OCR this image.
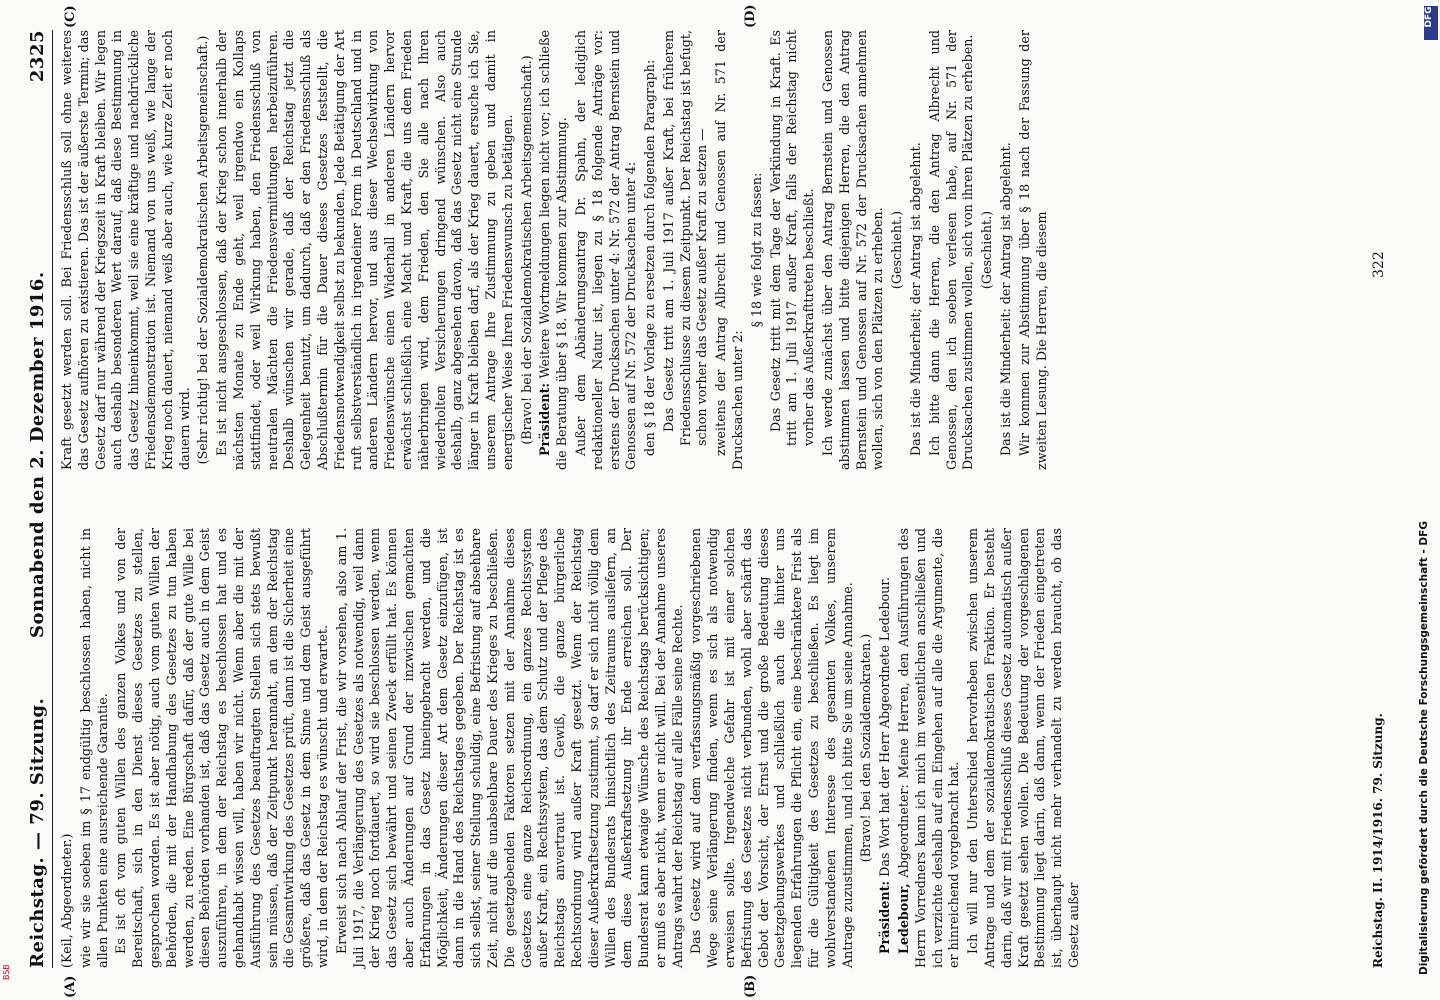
Reichstag. — 79. Sitzung.
Sonnabend den 2. Dezember 1916.
2325
(A)	(B)
(C)	(D)

(Keil, Abgeordneter.) wie wir sie soeben im § 17 endgültig beschlossen haben, nicht in allen Punkten eine ausreichende Garantie. Es ist oft vom guten Willen des ganzen Volkes und von der Bereitschaft, sich in den Dienst dieses Gesetzes zu stellen, gesprochen worden. Es ist aber nötig, auch vom guten Willen der Behörden, die mit der Handhabung des Gesetzes zu tun haben werden, zu reden. Eine Bürgschaft dafür, daß der gute Wille bei diesen Behörden vorhanden ist, daß das Gesetz auch in dem Geist auszuführen, in dem der Reichstag es beschlossen hat und es gehandhabt wissen will, haben wir nicht. Wenn aber die mit der Ausführung des Gesetzes beauftragten Stellen sich stets bewußt sein müssen, daß der Zeitpunkt herannaht, an dem der Reichstag die Gesamtwirkung des Gesetzes prüft, dann ist die Sicherheit eine größere, daß das Gesetz in dem Sinne und dem Geist ausgeführt wird, in dem der Reichstag es wünscht und erwartet. Erweist sich nach Ablauf der Frist, die wir vorsehen, also am 1. Juli 1917, die Verlängerung des Gesetzes als notwendig, weil dann der Krieg noch fortdauert, so wird sie beschlossen werden, wenn das Gesetz sich bewährt und seinen Zweck erfüllt hat. Es können aber auch Änderungen auf Grund der inzwischen gemachten Erfahrungen in das Gesetz hineingebracht werden, und die Möglichkeit, Änderungen dieser Art dem Gesetz einzufügen, ist dann in die Hand des Reichstages gegeben. Der Reichstag ist es sich selbst, seiner Stellung schuldig, eine Befristung auf absehbare Zeit, nicht auf die unabsehbare Dauer des Krieges zu beschließen. Die gesetzgebenden Faktoren setzen mit der Annahme dieses Gesetzes eine ganze Reichsordnung, ein ganzes Rechtssystem außer Kraft, ein Rechtssystem, das dem Schutz und der Pflege des Reichstags anvertraut ist. Gewiß, die ganze bürgerliche Rechtsordnung wird außer Kraft gesetzt. Wenn der Reichstag dieser Außerkraftsetzung zustimmt, so darf er sich nicht völlig dem Willen des Bundesrats hinsichtlich des Zeitraums ausliefern, an dem diese Außerkraftsetzung ihr Ende erreichen soll. Der Bundesrat kann etwaige Wünsche des Reichstags berücksichtigen; er muß es aber nicht, wenn er nicht will. Bei der Annahme unseres Antrags wahrt der Reichstag auf alle Fälle seine Rechte. Das Gesetz wird auf dem verfassungsmäßig vorgeschriebenen Wege seine Verlängerung finden, wenn es sich als notwendig erweisen sollte. Irgendwelche Gefahr ist mit einer solchen Befristung des Gesetzes nicht verbunden, wohl aber schärft das Gebot der Vorsicht, der Ernst und die große Bedeutung dieses Gesetzgebungswerkes und schließlich auch die hinter uns liegenden Erfahrungen die Pflicht ein, eine beschränktere Frist als für die Gültigkeit des Gesetzes zu beschließen. Es liegt im wohlverstandenen Interesse des gesamten Volkes, unserem Antrage zuzustimmen, und ich bitte Sie um seine Annahme. (Bravo! bei den Sozialdemokraten.)

Präsident: Das Wort hat der Herr Abgeordnete Ledebour.

Ledebour, Abgeordneter: Meine Herren, den Ausführungen des Herrn Vorredners kann ich mich im wesentlichen anschließen und ich verzichte deshalb auf ein Eingehen auf alle die Argumente, die er hinreichend vorgebracht hat. Ich will nur den Unterschied hervorheben zwischen unserem Antrage und dem der sozialdemokratischen Fraktion. Er besteht darin, daß wir mit Friedensschluß dieses Gesetz automatisch außer Kraft gesetzt sehen wollen. Die Bedeutung der vorgeschlagenen Bestimmung liegt darin, daß dann, wenn der Frieden eingetreten ist, überhaupt nicht mehr verhandelt zu werden braucht, ob das Gesetz außer

Kraft gesetzt werden soll. Bei Friedensschluß soll ohne weiteres das Gesetz aufhören zu existieren. Das ist der äußerste Termin; das Gesetz darf nur während der Kriegszeit in Kraft bleiben. Wir legen auch deshalb besonderen Wert darauf, daß diese Bestimmung in das Gesetz hineinkommt, weil sie eine kräftige und nachdrückliche Friedensdemonstration ist. Niemand von uns weiß, wie lange der Krieg noch dauert, niemand weiß aber auch, wie kurze Zeit er noch dauern wird. (Sehr richtig! bei der Sozialdemokratischen Arbeitsgemeinschaft.) Es ist nicht ausgeschlossen, daß der Krieg schon innerhalb der nächsten Monate zu Ende geht, weil irgendwo ein Kollaps stattfindet, oder weil Wirkung haben, den Friedensschluß von neutralen Mächten die Friedensvermittlungen herbeizuführen. Deshalb wünschen wir gerade, daß der Reichstag jetzt die Gelegenheit benutzt, um dadurch, daß er den Friedensschluß als Abschlußtermin für die Dauer dieses Gesetzes feststellt, die Friedensnotwendigkeit selbst zu bekunden. Jede Betätigung der Art ruft selbstverständlich in irgendeiner Form in Deutschland und in anderen Ländern hervor, und aus dieser Wechselwirkung von Friedenswünsche einen Widerhall in anderen Ländern hervor erwächst schließlich eine Macht und Kraft, die uns dem Frieden näherbringen wird, dem Frieden, den Sie alle nach Ihren wiederholten Versicherungen dringend wünschen. Also auch deshalb, ganz abgesehen davon, daß das Gesetz nicht eine Stunde länger in Kraft bleiben darf, als der Krieg dauert, ersuche ich Sie, unserem Antrage Ihre Zustimmung zu geben und damit in energischer Weise Ihren Friedenswunsch zu betätigen. (Bravo! bei der Sozialdemokratischen Arbeitsgemeinschaft.) Präsident: Weitere Wortmeldungen liegen nicht vor; ich schließe die Beratung über § 18. Wir kommen zur Abstimmung. Außer dem Abänderungsantrag Dr. Spahn, der lediglich redaktioneller Natur ist, liegen zu § 18 folgende Anträge vor: erstens der Drucksachen unter 4: Nr. 572 der Antrag Bernstein und Genossen auf Nr. 572 der Drucksachen unter 4: den § 18 der Vorlage zu ersetzen durch folgenden Paragraph: Das Gesetz tritt am 1. Juli 1917 außer Kraft, bei früherem Friedensschlusse zu diesem Zeitpunkt. Der Reichstag ist befugt, schon vorher das Gesetz außer Kraft zu setzen — zweitens der Antrag Albrecht und Genossen auf Nr. 571 der Drucksachen unter 2:

§ 18 wie folgt zu fassen: Das Gesetz tritt mit dem Tage der Verkündung in Kraft. Es tritt am 1. Juli 1917 außer Kraft, falls der Reichstag nicht vorher das Außerkrafttreten beschließt. Ich werde zunächst über den Antrag Bernstein und Genossen abstimmen lassen und bitte diejenigen Herren, die den Antrag Bernstein und Genossen auf Nr. 572 der Drucksachen annehmen wollen, sich von den Plätzen zu erheben. (Geschieht.) Das ist die Minderheit; der Antrag ist abgelehnt. Ich bitte dann die Herren, die den Antrag Albrecht und Genossen, den ich soeben verlesen habe, auf Nr. 571 der Drucksachen zustimmen wollen, sich von ihren Plätzen zu erheben. (Geschieht.) Das ist die Minderheit: der Antrag ist abgelehnt. Wir kommen zur Abstimmung über § 18 nach der Fassung der zweiten Lesung. Die Herren, die diesem

Reichstag. II. 1914/1916. 79. Sitzung.
322
DFG
Digitalisierung gefördert durch die Deutsche Forschungsgemeinschaft - DFG
BSB
